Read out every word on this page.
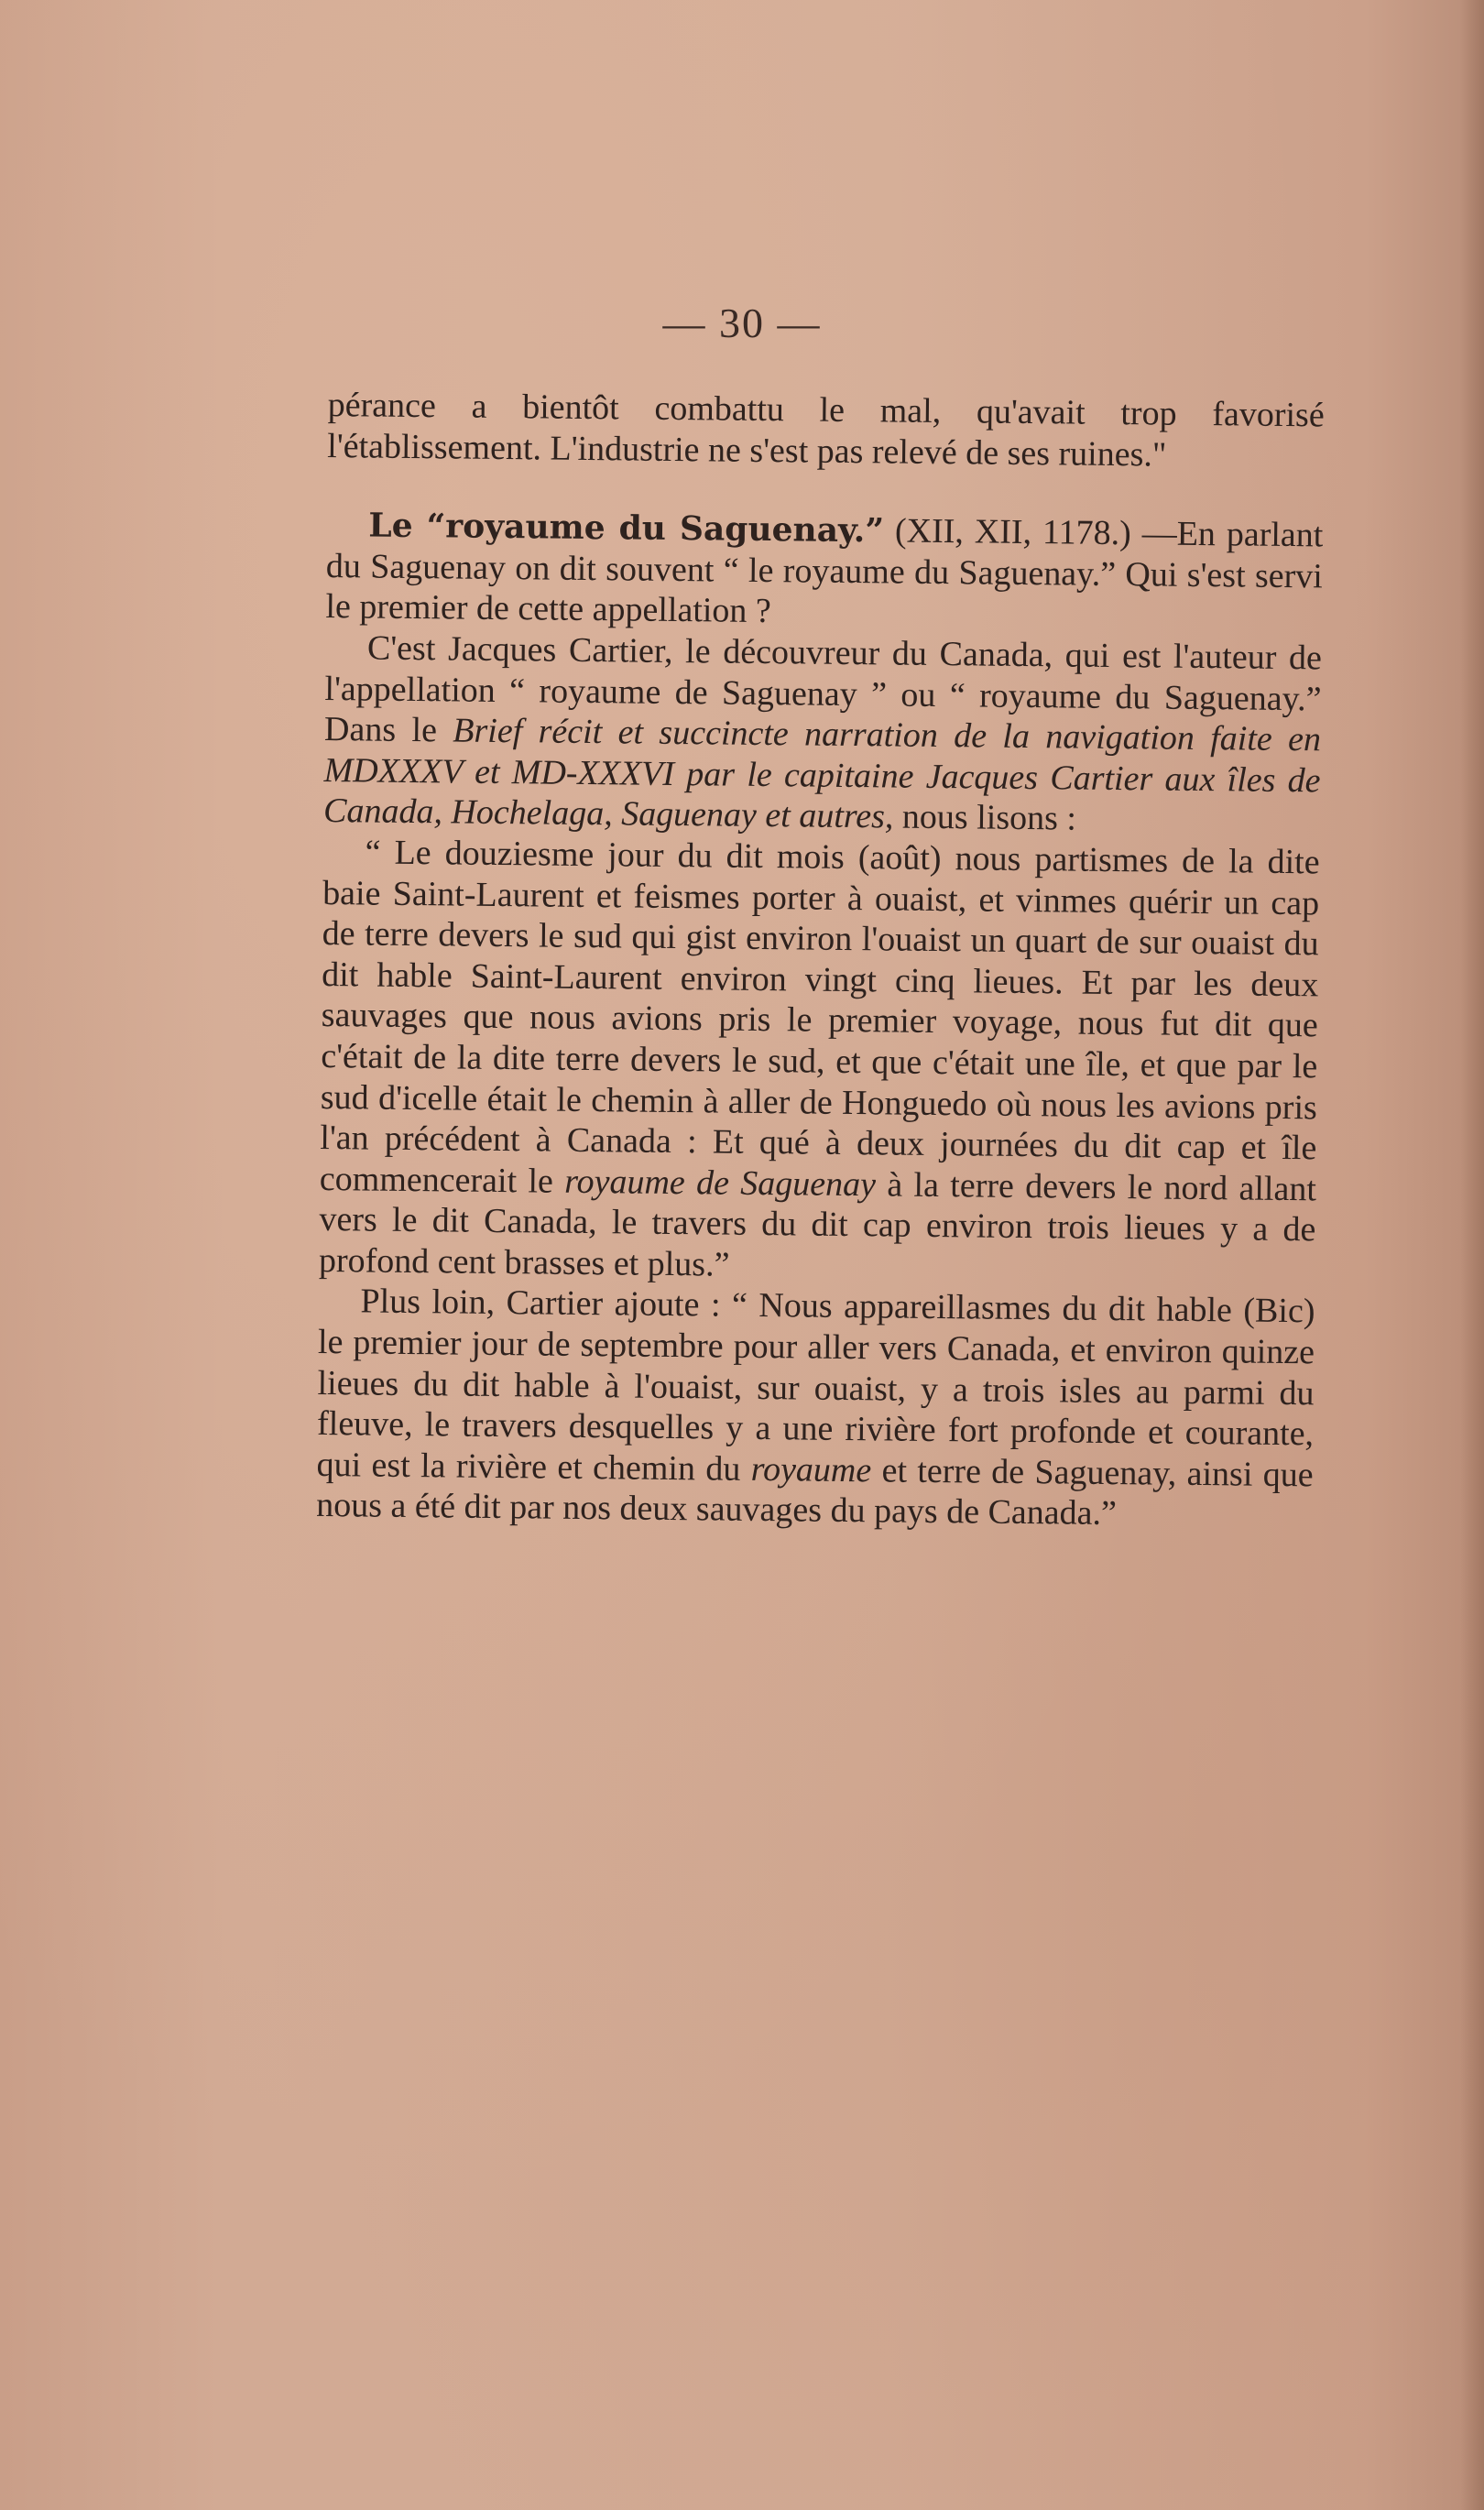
— 30 —

pérance a bientôt combattu le mal, qu'avait trop favorisé l'établissement. L'industrie ne s'est pas relevé de ses ruines."

Le “royaume du Saguenay.” (XII, XII, 1178.) —En parlant du Saguenay on dit souvent “ le royaume du Saguenay.” Qui s'est servi le premier de cette appellation ?

C'est Jacques Cartier, le découvreur du Canada, qui est l'auteur de l'appellation “ royaume de Saguenay ” ou “ royaume du Saguenay.” Dans le Brief récit et succincte narration de la navigation faite en MDXXXV et MD-XXXVI par le capitaine Jacques Cartier aux îles de Canada, Hochelaga, Saguenay et autres, nous lisons :

“ Le douziesme jour du dit mois (août) nous partismes de la dite baie Saint-Laurent et feismes porter à ouaist, et vinmes quérir un cap de terre devers le sud qui gist environ l'ouaist un quart de sur ouaist du dit hable Saint-Laurent environ vingt cinq lieues. Et par les deux sauvages que nous avions pris le premier voyage, nous fut dit que c'était de la dite terre devers le sud, et que c'était une île, et que par le sud d'icelle était le chemin à aller de Honguedo où nous les avions pris l'an précédent à Canada : Et qué à deux journées du dit cap et île commencerait le royaume de Saguenay à la terre devers le nord allant vers le dit Canada, le travers du dit cap environ trois lieues y a de profond cent brasses et plus.”

Plus loin, Cartier ajoute : “ Nous appareillasmes du dit hable (Bic) le premier jour de septembre pour aller vers Canada, et environ quinze lieues du dit hable à l'ouaist, sur ouaist, y a trois isles au parmi du fleuve, le travers desquelles y a une rivière fort profonde et courante, qui est la rivière et chemin du royaume et terre de Saguenay, ainsi que nous a été dit par nos deux sauvages du pays de Canada.”
